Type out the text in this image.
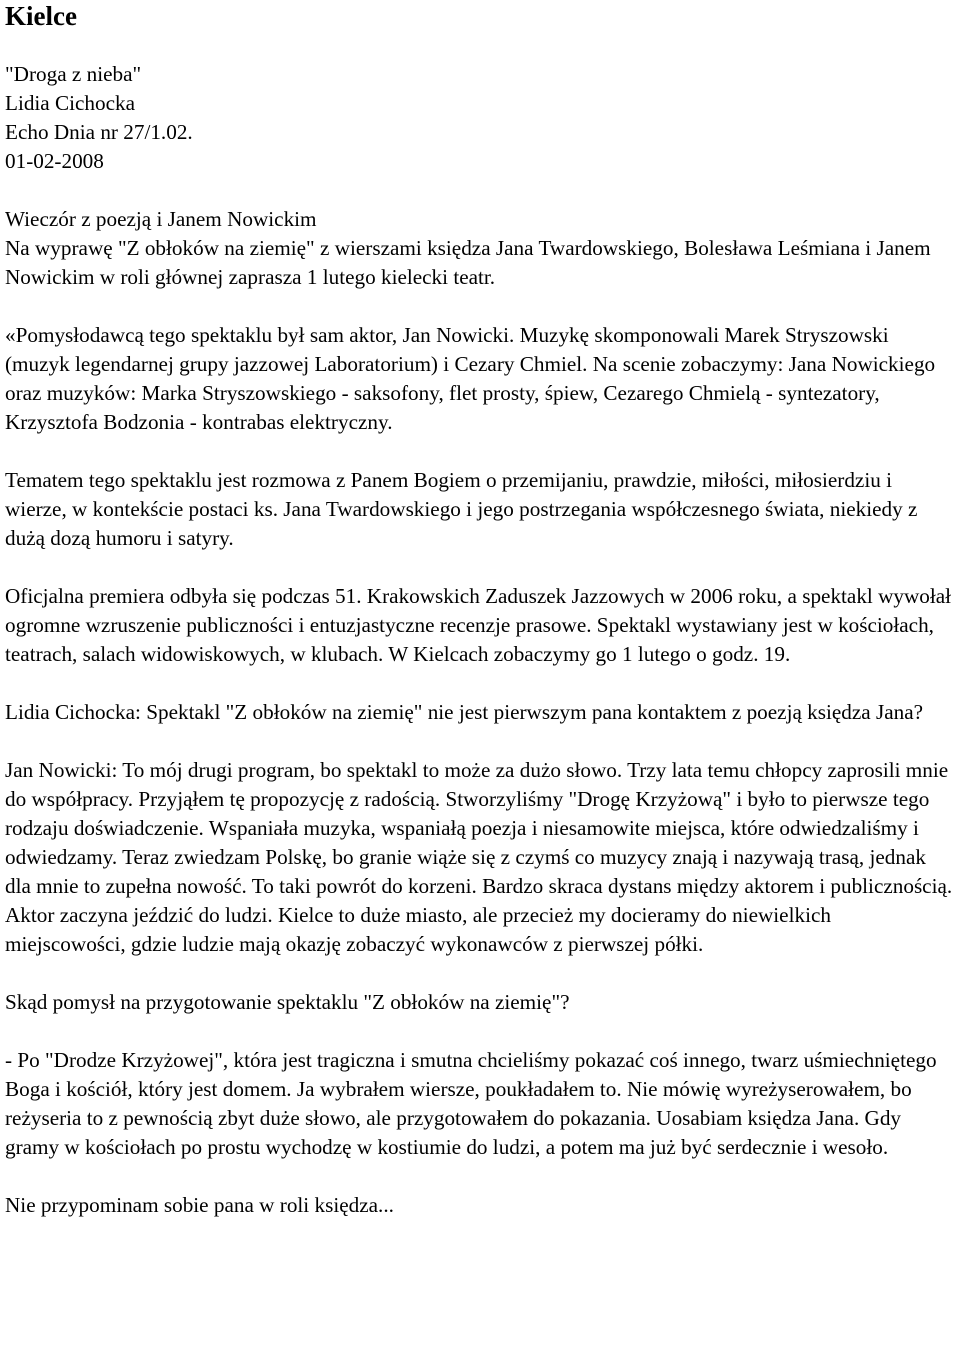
Kielce
"Droga z nieba"
Lidia Cichocka
Echo Dnia nr 27/1.02.
01-02-2008
Wieczór z poezją i Janem Nowickim

Na wyprawę "Z obłoków na ziemię" z wierszami księdza Jana Twardowskiego, Bolesława Leśmiana i Janem Nowickim w roli głównej zaprasza 1 lutego kielecki teatr.

«Pomysłodawcą tego spektaklu był sam aktor, Jan Nowicki. Muzykę skomponowali Marek Stryszowski (muzyk legendarnej grupy jazzowej Laboratorium) i Cezary Chmiel. Na scenie zobaczymy: Jana Nowickiego oraz muzyków: Marka Stryszowskiego - saksofony, flet prosty, śpiew, Cezarego Chmielą - syntezatory, Krzysztofa Bodzonia - kontrabas elektryczny.

Tematem tego spektaklu jest rozmowa z Panem Bogiem o przemijaniu, prawdzie, miłości, miłosierdziu i wierze, w kontekście postaci ks. Jana Twardowskiego i jego postrzegania współczesnego świata, niekiedy z dużą dozą humoru i satyry.

Oficjalna premiera odbyła się podczas 51. Krakowskich Zaduszek Jazzowych w 2006 roku, a spektakl wywołał ogromne wzruszenie publiczności i entuzjastyczne recenzje prasowe. Spektakl wystawiany jest w kościołach, teatrach, salach widowiskowych, w klubach. W Kielcach zobaczymy go 1 lutego o godz. 19.

Lidia Cichocka: Spektakl "Z obłoków na ziemię" nie jest pierwszym pana kontaktem z poezją księdza Jana?

Jan Nowicki: To mój drugi program, bo spektakl to może za dużo słowo. Trzy lata temu chłopcy zaprosili mnie do współpracy. Przyjąłem tę propozycję z radością. Stworzyliśmy "Drogę Krzyżową" i było to pierwsze tego rodzaju doświadczenie. Wspaniała muzyka, wspaniałą poezja i niesamowite miejsca, które odwiedzaliśmy i odwiedzamy. Teraz zwiedzam Polskę, bo granie wiąże się z czymś co muzycy znają i nazywają trasą, jednak dla mnie to zupełna nowość. To taki powrót do korzeni. Bardzo skraca dystans między aktorem i publicznością. Aktor zaczyna jeździć do ludzi. Kielce to duże miasto, ale przecież my docieramy do niewielkich miejscowości, gdzie ludzie mają okazję zobaczyć wykonawców z pierwszej półki.

Skąd pomysł na przygotowanie spektaklu "Z obłoków na ziemię"?

- Po "Drodze Krzyżowej", która jest tragiczna i smutna chcieliśmy pokazać coś innego, twarz uśmiechniętego Boga i kościół, który jest domem. Ja wybrałem wiersze, poukładałem to. Nie mówię wyreżyserowałem, bo reżyseria to z pewnością zbyt duże słowo, ale przygotowałem do pokazania. Uosabiam księdza Jana. Gdy gramy w kościołach po prostu wychodzę w kostiumie do ludzi, a potem ma już być serdecznie i wesoło.

Nie przypominam sobie pana w roli księdza...
